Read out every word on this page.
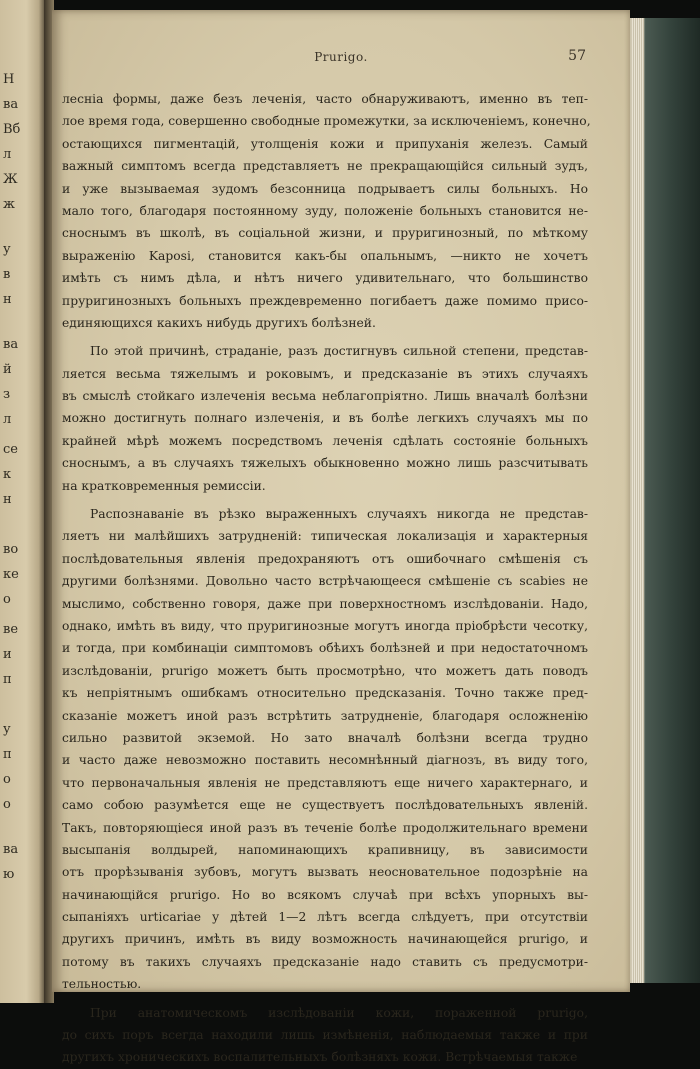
Н
ва
Вб
л
Ж
ж
у
в
н
ва
й
з
л
се
к
н
во
ке
о
ве
и
п
у
п
о
о
ва
ю
Prurigo.	57
лесніа формы, даже безъ леченія, часто обнаруживаютъ, именно въ теп-
лое время года, совершенно свободные промежутки, за исключеніемъ, конечно,
остающихся пигментацій, утолщенія кожи и припуханія железъ. Самый
важный симптомъ всегда представляетъ не прекращающійся сильный зудъ,
и уже вызываемая зудомъ безсонница подрываетъ силы больныхъ. Но
мало того, благодаря постоянному зуду, положеніе больныхъ становится не-
сноснымъ въ школѣ, въ соціальной жизни, и пруригинозный, по мѣткому
выраженію Kaposi, становится какъ-бы опальнымъ, —никто не хочетъ
имѣть съ нимъ дѣла, и нѣтъ ничего удивительнаго, что большинство
пруригинозныхъ больныхъ преждевременно погибаетъ даже помимо присо-
единяющихся какихъ нибудь другихъ болѣзней.
По этой причинѣ, страданіе, разъ достигнувъ сильной степени, представ-
ляется весьма тяжелымъ и роковымъ, и предсказаніе въ этихъ случаяхъ
въ смыслѣ стойкаго излеченія весьма неблагопріятно. Лишь вначалѣ болѣзни
можно достигнуть полнаго излеченія, и въ болѣе легкихъ случаяхъ мы по
крайней мѣрѣ можемъ посредствомъ леченія сдѣлать состояніе больныхъ
сноснымъ, а въ случаяхъ тяжелыхъ обыкновенно можно лишь разсчитывать
на кратковременныя ремиссіи.
Распознаваніе въ рѣзко выраженныхъ случаяхъ никогда не представ-
ляетъ ни малѣйшихъ затрудненій: типическая локализація и характерныя
послѣдовательныя явленія предохраняютъ отъ ошибочнаго смѣшенія съ
другими болѣзнями. Довольно часто встрѣчающееся смѣшеніе съ scabies не
мыслимо, собственно говоря, даже при поверхностномъ изслѣдованіи. Надо,
однако, имѣть въ виду, что пруригинозные могутъ иногда пріобрѣсти чесотку,
и тогда, при комбинаціи симптомовъ обѣихъ болѣзней и при недостаточномъ
изслѣдованіи, prurigo можетъ быть просмотрѣно, что можетъ дать поводъ
къ непріятнымъ ошибкамъ относительно предсказанія. Точно также пред-
сказаніе можетъ иной разъ встрѣтить затрудненіе, благодаря осложненію
сильно развитой экземой. Но зато вначалѣ болѣзни всегда трудно
и часто даже невозможно поставить несомнѣнный діагнозъ, въ виду того,
что первоначальныя явленія не представляютъ еще ничего характернаго, и
само собою разумѣется еще не существуетъ послѣдовательныхъ явленій.
Такъ, повторяющіеся иной разъ въ теченіе болѣе продолжительнаго времени
высыпанія волдырей, напоминающихъ крапивницу, въ зависимости
отъ прорѣзыванія зубовъ, могутъ вызвать неосновательное подозрѣніе на
начинающійся prurigo. Но во всякомъ случаѣ при всѣхъ упорныхъ вы-
сыпаніяхъ urticariae у дѣтей 1—2 лѣтъ всегда слѣдуетъ, при отсутствіи
другихъ причинъ, имѣть въ виду возможность начинающейся prurigo, и
потому въ такихъ случаяхъ предсказаніе надо ставить съ предусмотри-
тельностью.
При анатомическомъ изслѣдованіи кожи, пораженной prurigo,
до сихъ поръ всегда находили лишь измѣненія, наблюдаемыя также и при
другихъ хроническихъ воспалительныхъ болѣзняхъ кожи. Встрѣчаемыя также
